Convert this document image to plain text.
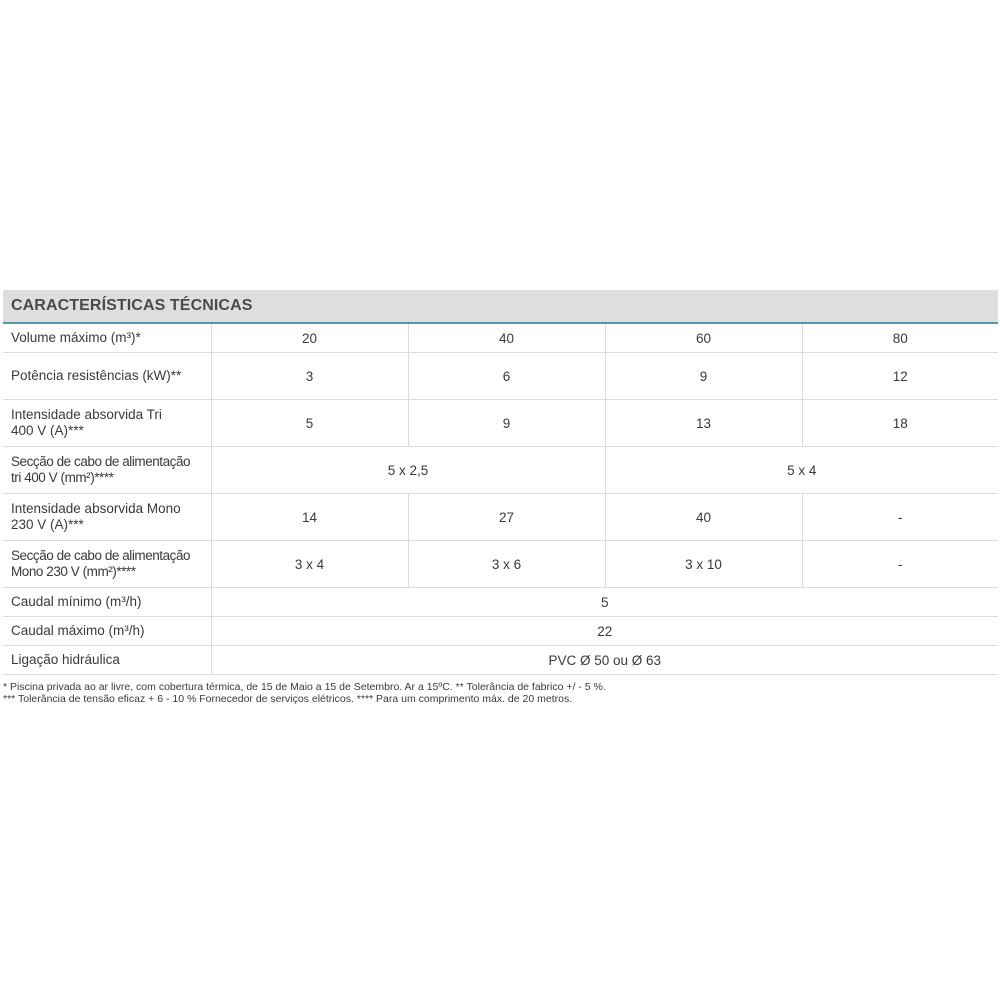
CARACTERÍSTICAS TÉCNICAS
Volume máximo (m³)*	20	40	60	80
Potência resistências (kW)**	3	6	9	12
Intensidade absorvida Tri
400 V (A)***	5	9	13	18
Secção de cabo de alimentação
tri 400 V (mm²)****	5 x 2,5		5 x 4	
Intensidade absorvida Mono
230 V (A)***	14	27	40	-
Secção de cabo de alimentação
Mono 230 V (mm²)****	3 x 4	3 x 6	3 x 10	-
Caudal mínimo (m³/h)	5			
Caudal máximo (m³/h)	22			
Ligação hidráulica	PVC Ø 50 ou Ø 63			
* Piscina privada ao ar livre, com cobertura térmica, de 15 de Maio a 15 de Setembro. Ar a 15ºC. ** Tolerância de fabrico +/ - 5 %.
*** Tolerância de tensão eficaz + 6 - 10 % Fornecedor de serviços elétricos. **** Para um comprimento máx. de 20 metros.
